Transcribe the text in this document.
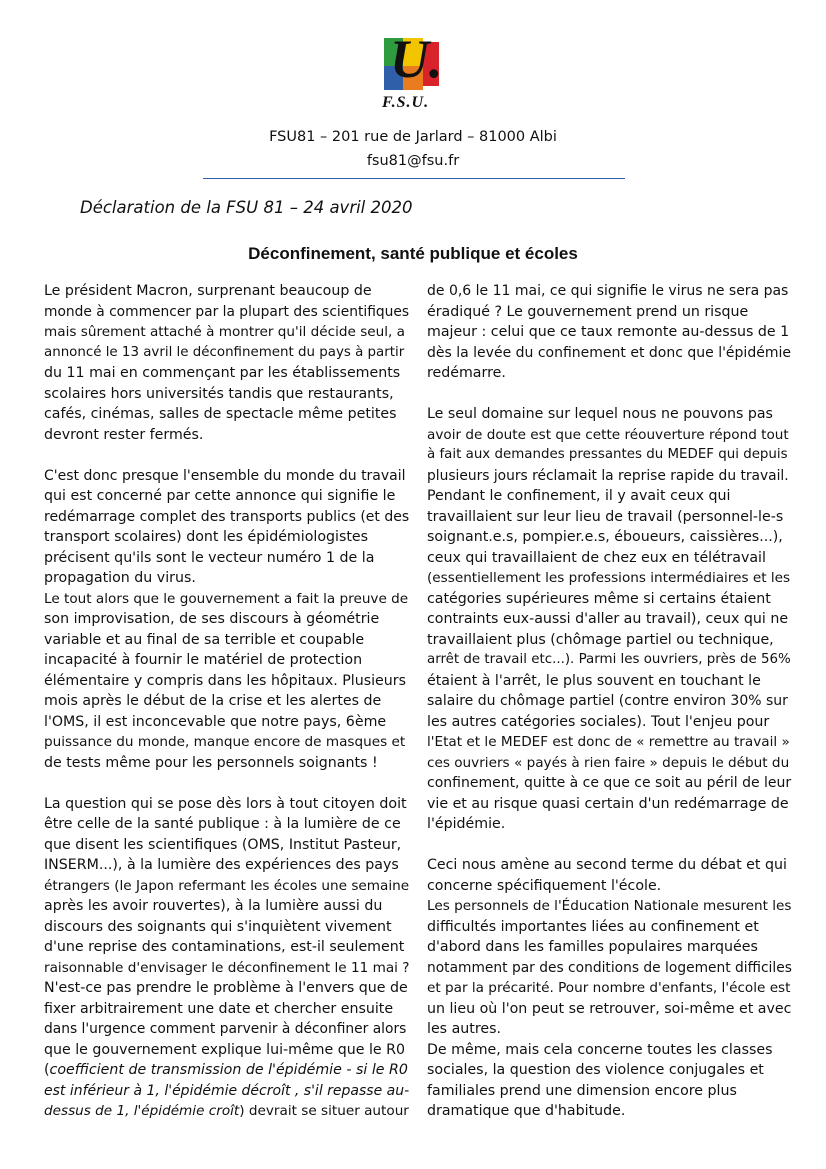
U.
F.S.U.
FSU81 – 201 rue de Jarlard – 81000 Albi
fsu81@fsu.fr
Déclaration de la FSU 81 – 24 avril 2020
Déconfinement, santé publique et écoles

Le président Macron, surprenant beaucoup de
monde à commencer par la plupart des scientifiques
mais sûrement attaché à montrer qu'il décide seul, a
annoncé le 13 avril le déconfinement du pays à partir
du 11 mai en commençant par les établissements
scolaires hors universités tandis que restaurants,
cafés, cinémas, salles de spectacle même petites
devront rester fermés.

C'est donc presque l'ensemble du monde du travail
qui est concerné par cette annonce qui signifie le
redémarrage complet des transports publics (et des
transport scolaires) dont les épidémiologistes
précisent qu'ils sont le vecteur numéro 1 de la
propagation du virus.
Le tout alors que le gouvernement a fait la preuve de
son improvisation, de ses discours à géométrie
variable et au final de sa terrible et coupable
incapacité à fournir le matériel de protection
élémentaire y compris dans les hôpitaux. Plusieurs
mois après le début de la crise et les alertes de
l'OMS, il est inconcevable que notre pays, 6ème
puissance du monde, manque encore de masques et
de tests même pour les personnels soignants !

La question qui se pose dès lors à tout citoyen doit
être celle de la santé publique : à la lumière de ce
que disent les scientifiques (OMS, Institut Pasteur,
INSERM...), à la lumière des expériences des pays
étrangers (le Japon refermant les écoles une semaine
après les avoir rouvertes), à la lumière aussi du
discours des soignants qui s'inquiètent vivement
d'une reprise des contaminations, est-il seulement
raisonnable d'envisager le déconfinement le 11 mai ?
N'est-ce pas prendre le problème à l'envers que de
fixer arbitrairement une date et chercher ensuite
dans l'urgence comment parvenir à déconfiner alors
que le gouvernement explique lui-même que le R0
(coefficient de transmission de l'épidémie - si le R0
est inférieur à 1, l'épidémie décroît , s'il repasse au-
dessus de 1, l'épidémie croît) devrait se situer autour

de 0,6 le 11 mai, ce qui signifie le virus ne sera pas
éradiqué ? Le gouvernement prend un risque
majeur : celui que ce taux remonte au-dessus de 1
dès la levée du confinement et donc que l'épidémie
redémarre.

Le seul domaine sur lequel nous ne pouvons pas
avoir de doute est que cette réouverture répond tout
à fait aux demandes pressantes du MEDEF qui depuis
plusieurs jours réclamait la reprise rapide du travail.
Pendant le confinement, il y avait ceux qui
travaillaient sur leur lieu de travail (personnel-le-s
soignant.e.s, pompier.e.s, éboueurs, caissières...),
ceux qui travaillaient de chez eux en télétravail
(essentiellement les professions intermédiaires et les
catégories supérieures même si certains étaient
contraints eux-aussi d'aller au travail), ceux qui ne
travaillaient plus (chômage partiel ou technique,
arrêt de travail etc...). Parmi les ouvriers, près de 56%
étaient à l'arrêt, le plus souvent en touchant le
salaire du chômage partiel (contre environ 30% sur
les autres catégories sociales). Tout l'enjeu pour
l'Etat et le MEDEF est donc de « remettre au travail »
ces ouvriers « payés à rien faire » depuis le début du
confinement, quitte à ce que ce soit au péril de leur
vie et au risque quasi certain d'un redémarrage de
l'épidémie.

Ceci nous amène au second terme du débat et qui
concerne spécifiquement l'école.
Les personnels de l'Éducation Nationale mesurent les
difficultés importantes liées au confinement et
d'abord dans les familles populaires marquées
notamment par des conditions de logement difficiles
et par la précarité. Pour nombre d'enfants, l'école est
un lieu où l'on peut se retrouver, soi-même et avec
les autres.
De même, mais cela concerne toutes les classes
sociales, la question des violence conjugales et
familiales prend une dimension encore plus
dramatique que d'habitude.
